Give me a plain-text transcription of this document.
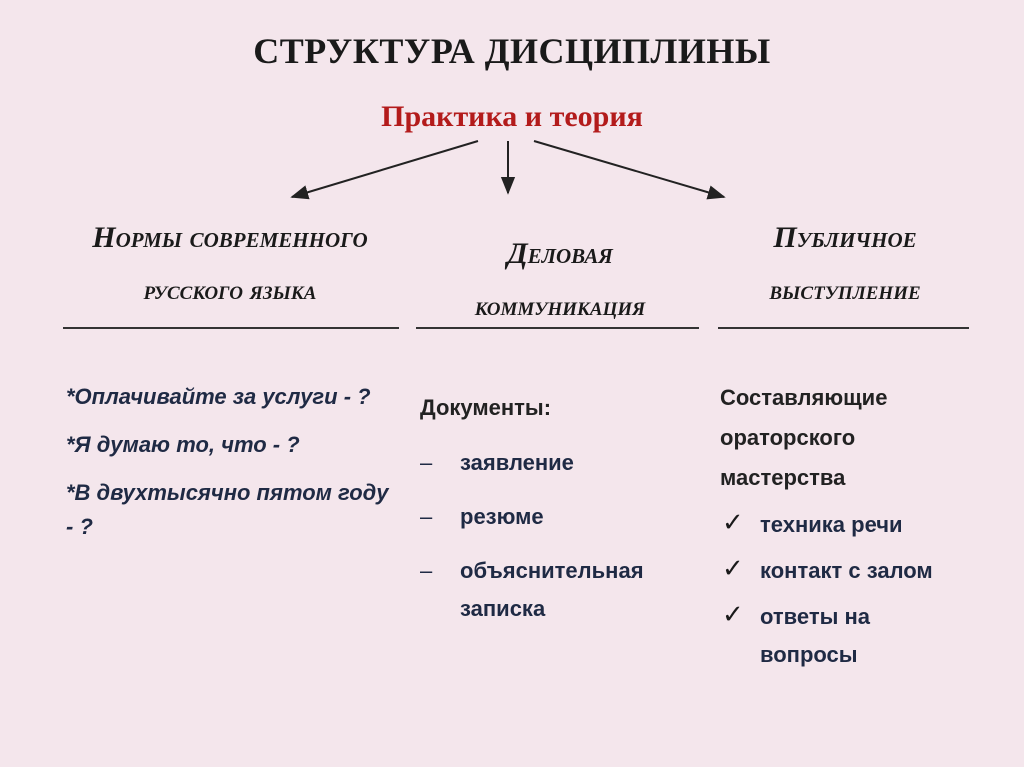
СТРУКТУРА ДИСЦИПЛИНЫ
Практика и теория
Нормы современного
русского языка
Деловая
коммуникация
Публичное
выступление

*Оплачивайте за услуги - ?

*Я думаю то, что - ?

*В двухтысячно пятом году - ?

Документы:

– заявление
– резюме
– объяснительная записка

Составляющие ораторского мастерства

✓ техника речи
✓ контакт с залом
✓ ответы на вопросы
